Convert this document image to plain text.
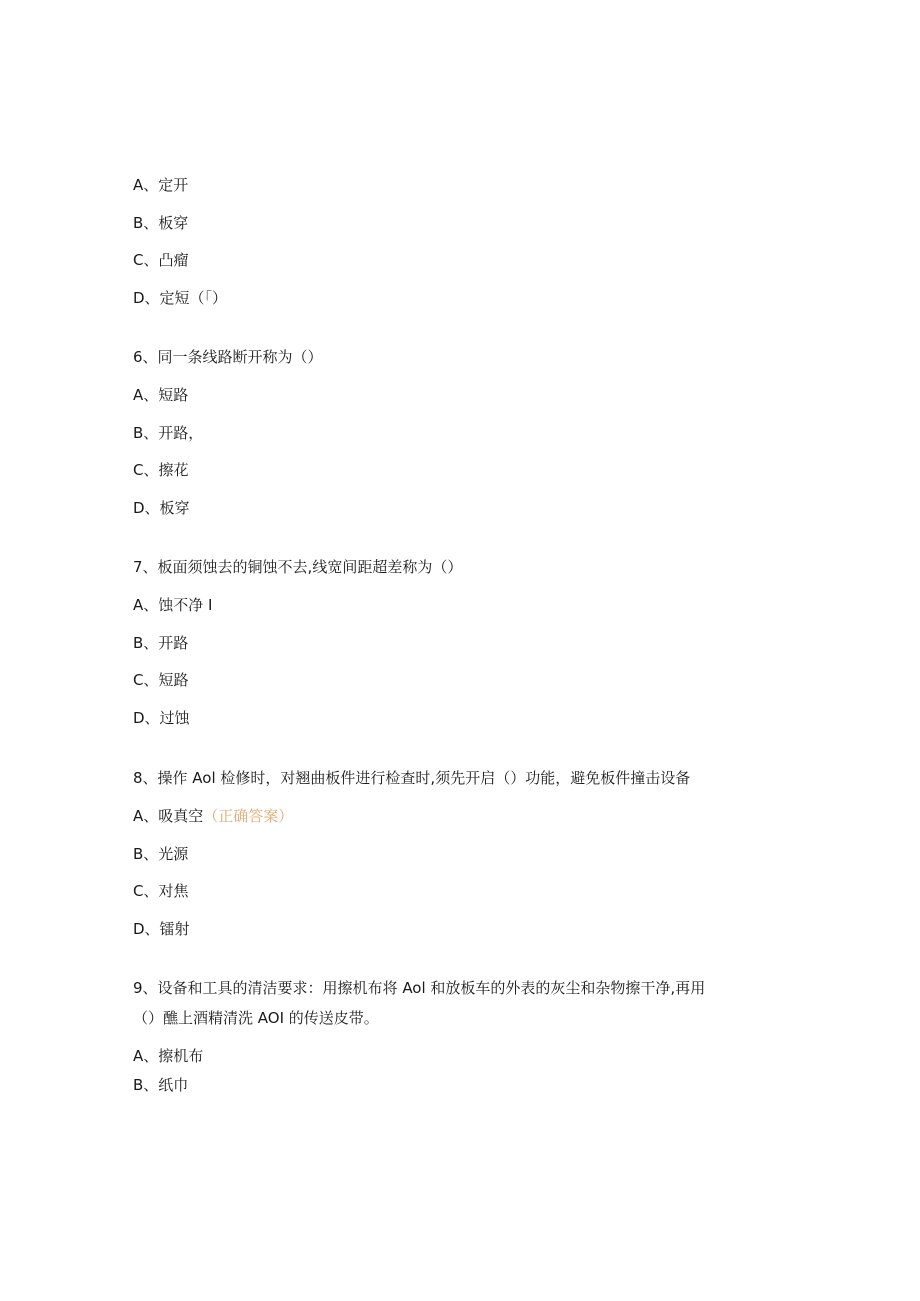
A、定开
B、板穿
C、凸瘤
D、定短（「）
6、同一条线路断开称为（）
A、短路
B、开路，
C、擦花
D、板穿
7、板面须蚀去的铜蚀不去,线宽间距超差称为（）
A、蚀不净 I
B、开路
C、短路
D、过蚀
8、操作 Aol 检修时，对翘曲板件进行检查时,须先开启（）功能，避免板件撞击设备
A、吸真空（正确答案）
B、光源
C、对焦
D、镭射
9、设备和工具的清洁要求：用擦机布将 Aol 和放板车的外表的灰尘和杂物擦干净,再用
（）醮上酒精清洗 AOI 的传送皮带。
A、擦机布
B、纸巾
